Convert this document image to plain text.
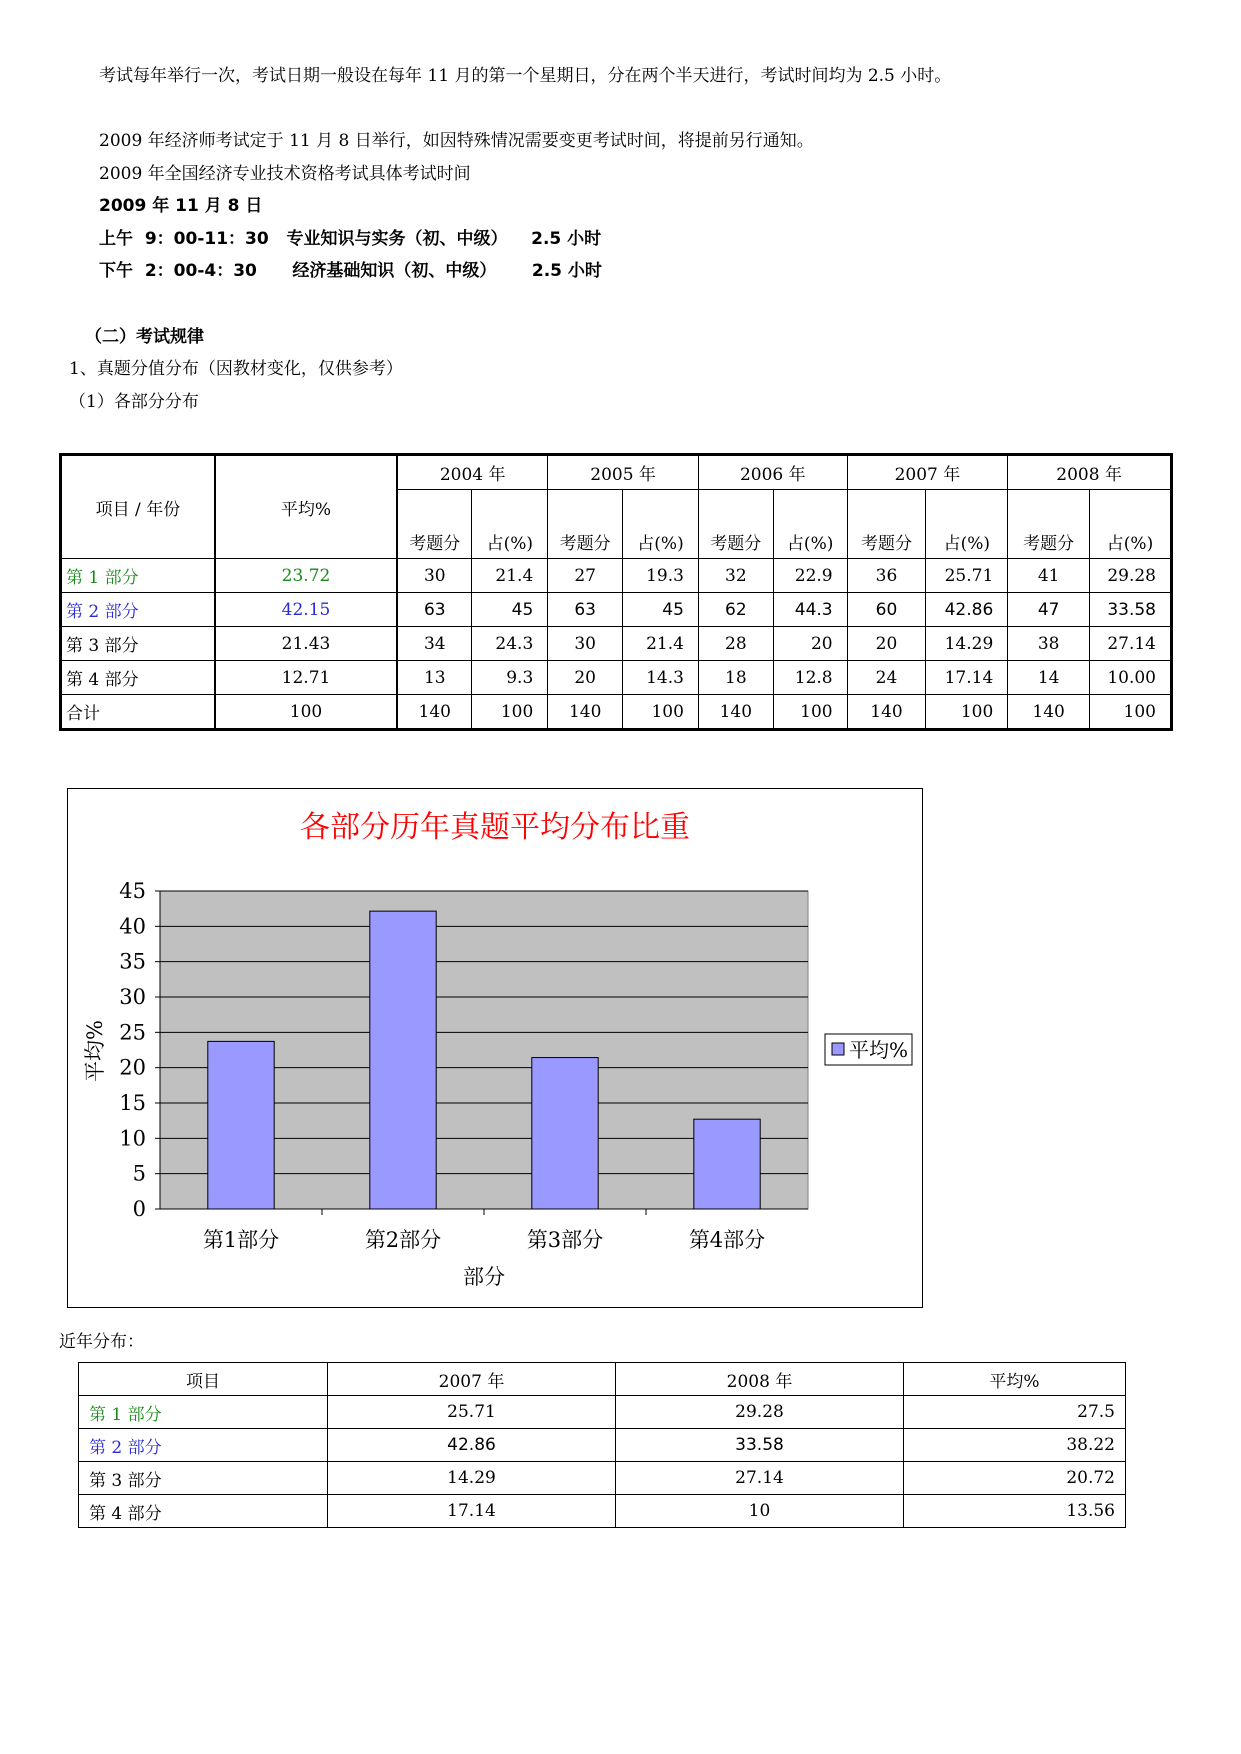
考试每年举行一次，考试日期一般设在每年 11 月的第一个星期日，分在两个半天进行，考试时间均为 2.5 小时。
2009 年经济师考试定于 11 月 8 日举行，如因特殊情况需要变更考试时间，将提前另行通知。
2009 年全国经济专业技术资格考试具体考试时间
2009 年 11 月 8 日
上午  9：00-11：30   专业知识与实务（初、中级）    2.5 小时
下午  2：00-4：30      经济基础知识（初、中级）      2.5 小时
（二）考试规律
1、真题分值分布（因教材变化，仅供参考）
（1）各部分分布
项目 / 年份	平均%	2004 年		2005 年		2006 年		2007 年		2008 年	
		考题分	占(%)	考题分	占(%)	考题分	占(%)	考题分	占(%)	考题分	占(%)
第 1 部分	23.72	30	21.4	27	19.3	32	22.9	36	25.71	41	29.28
第 2 部分	42.15	63	45	63	45	62	44.3	60	42.86	47	33.58
第 3 部分	21.43	34	24.3	30	21.4	28	20	20	14.29	38	27.14
第 4 部分	12.71	13	9.3	20	14.3	18	12.8	24	17.14	14	10.00
合计	100	140	100	140	100	140	100	140	100	140	100
各部分历年真题平均分布比重
0
5
10
15
20
25
30
35
40
45
第1部分	第2部分	第3部分	第4部分
部分
平均%	平均%
近年分布：
项目	2007 年	2008 年	平均%
第 1 部分	25.71	29.28	27.5
第 2 部分	42.86	33.58	38.22
第 3 部分	14.29	27.14	20.72
第 4 部分	17.14	10	13.56
